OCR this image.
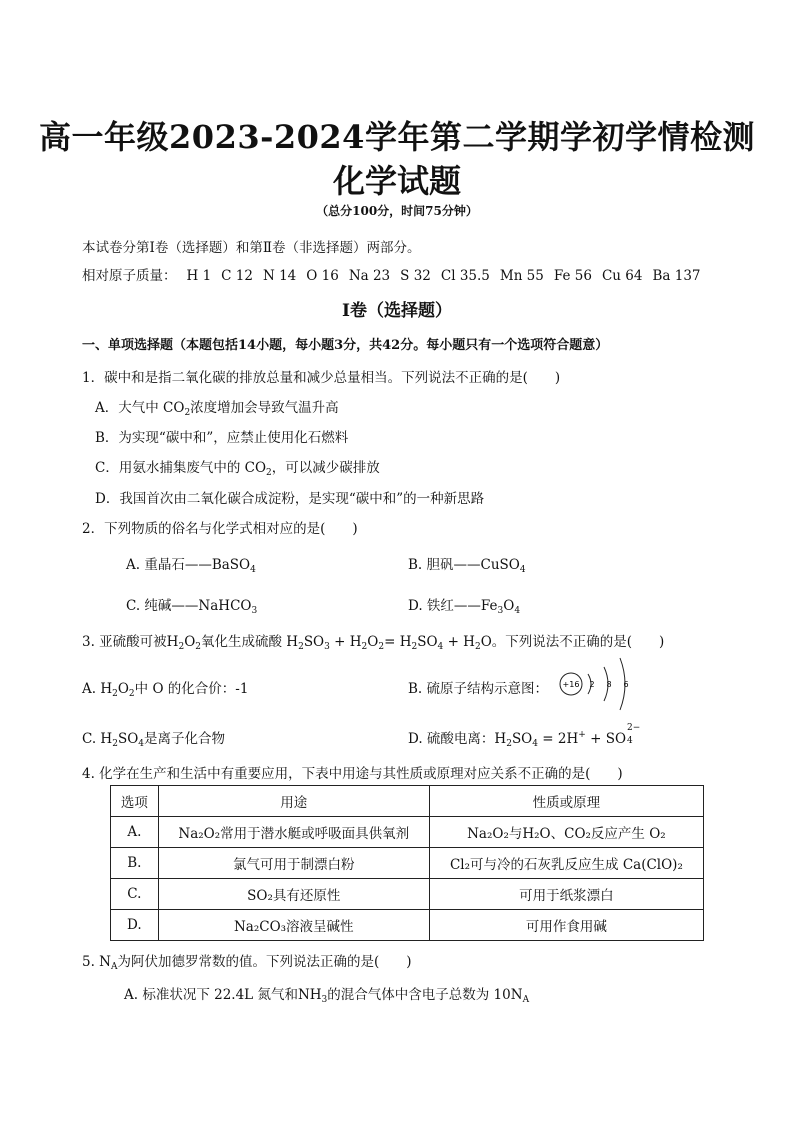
高一年级2023-2024学年第二学期学初学情检测
化学试题
（总分100分，时间75分钟）
本试卷分第Ⅰ卷（选择题）和第Ⅱ卷（非选择题）两部分。
相对原子质量： H 1 C 12 N 14 O 16 Na 23 S 32 Cl 35.5 Mn 55 Fe 56 Cu 64 Ba 137
Ⅰ卷（选择题）
一、单项选择题（本题包括14小题，每小题3分，共42分。每小题只有一个选项符合题意）
1．碳中和是指二氧化碳的排放总量和减少总量相当。下列说法不正确的是(　　)
A．大气中 $CO_2$浓度增加会导致气温升高
B．为实现“碳中和”，应禁止使用化石燃料
C．用氨水捕集废气中的 $CO_2$，可以减少碳排放
D．我国首次由二氧化碳合成淀粉，是实现“碳中和”的一种新思路
2．下列物质的俗名与化学式相对应的是(　　)
A. 重晶石——BaSO$_4$	B. 胆矾——CuSO$_4$
C. 纯碱——NaHCO$_3$	D. 铁红$——Fe_3O_4$
3. 亚硫酸可被$H_2O_2$氧化生成硫酸 $H_2SO_3 + H_2O_2= H_2SO_4 + H_2O$。下列说法不正确的是(　　)
A. $H_2O_2$中 O 的化合价：-1	B. 硫原子结构示意图： +16 2 8 6
C. $H_2SO_4$是离子化合物	D. 硫酸电离：$H_2SO_4 = 2H^+$ + SO
2−
4
4. 化学在生产和生活中有重要应用，下表中用途与其性质或原理对应关系不正确的是(　　)
选项	用途	性质或原理
A.	Na₂O₂常用于潜水艇或呼吸面具供氧剂	Na₂O₂与H₂O、CO₂反应产生 O₂
B.	氯气可用于制漂白粉	Cl₂可与冷的石灰乳反应生成 Ca(ClO)₂
C.	SO₂具有还原性	可用于纸浆漂白
D.	Na₂CO₃溶液呈碱性	可用作食用碱
5. $N_A$为阿伏加德罗常数的值。下列说法正确的是(　　)
A. 标准状况下 22.4L 氮气和$NH_3$的混合气体中含电子总数为 $10N_A$
